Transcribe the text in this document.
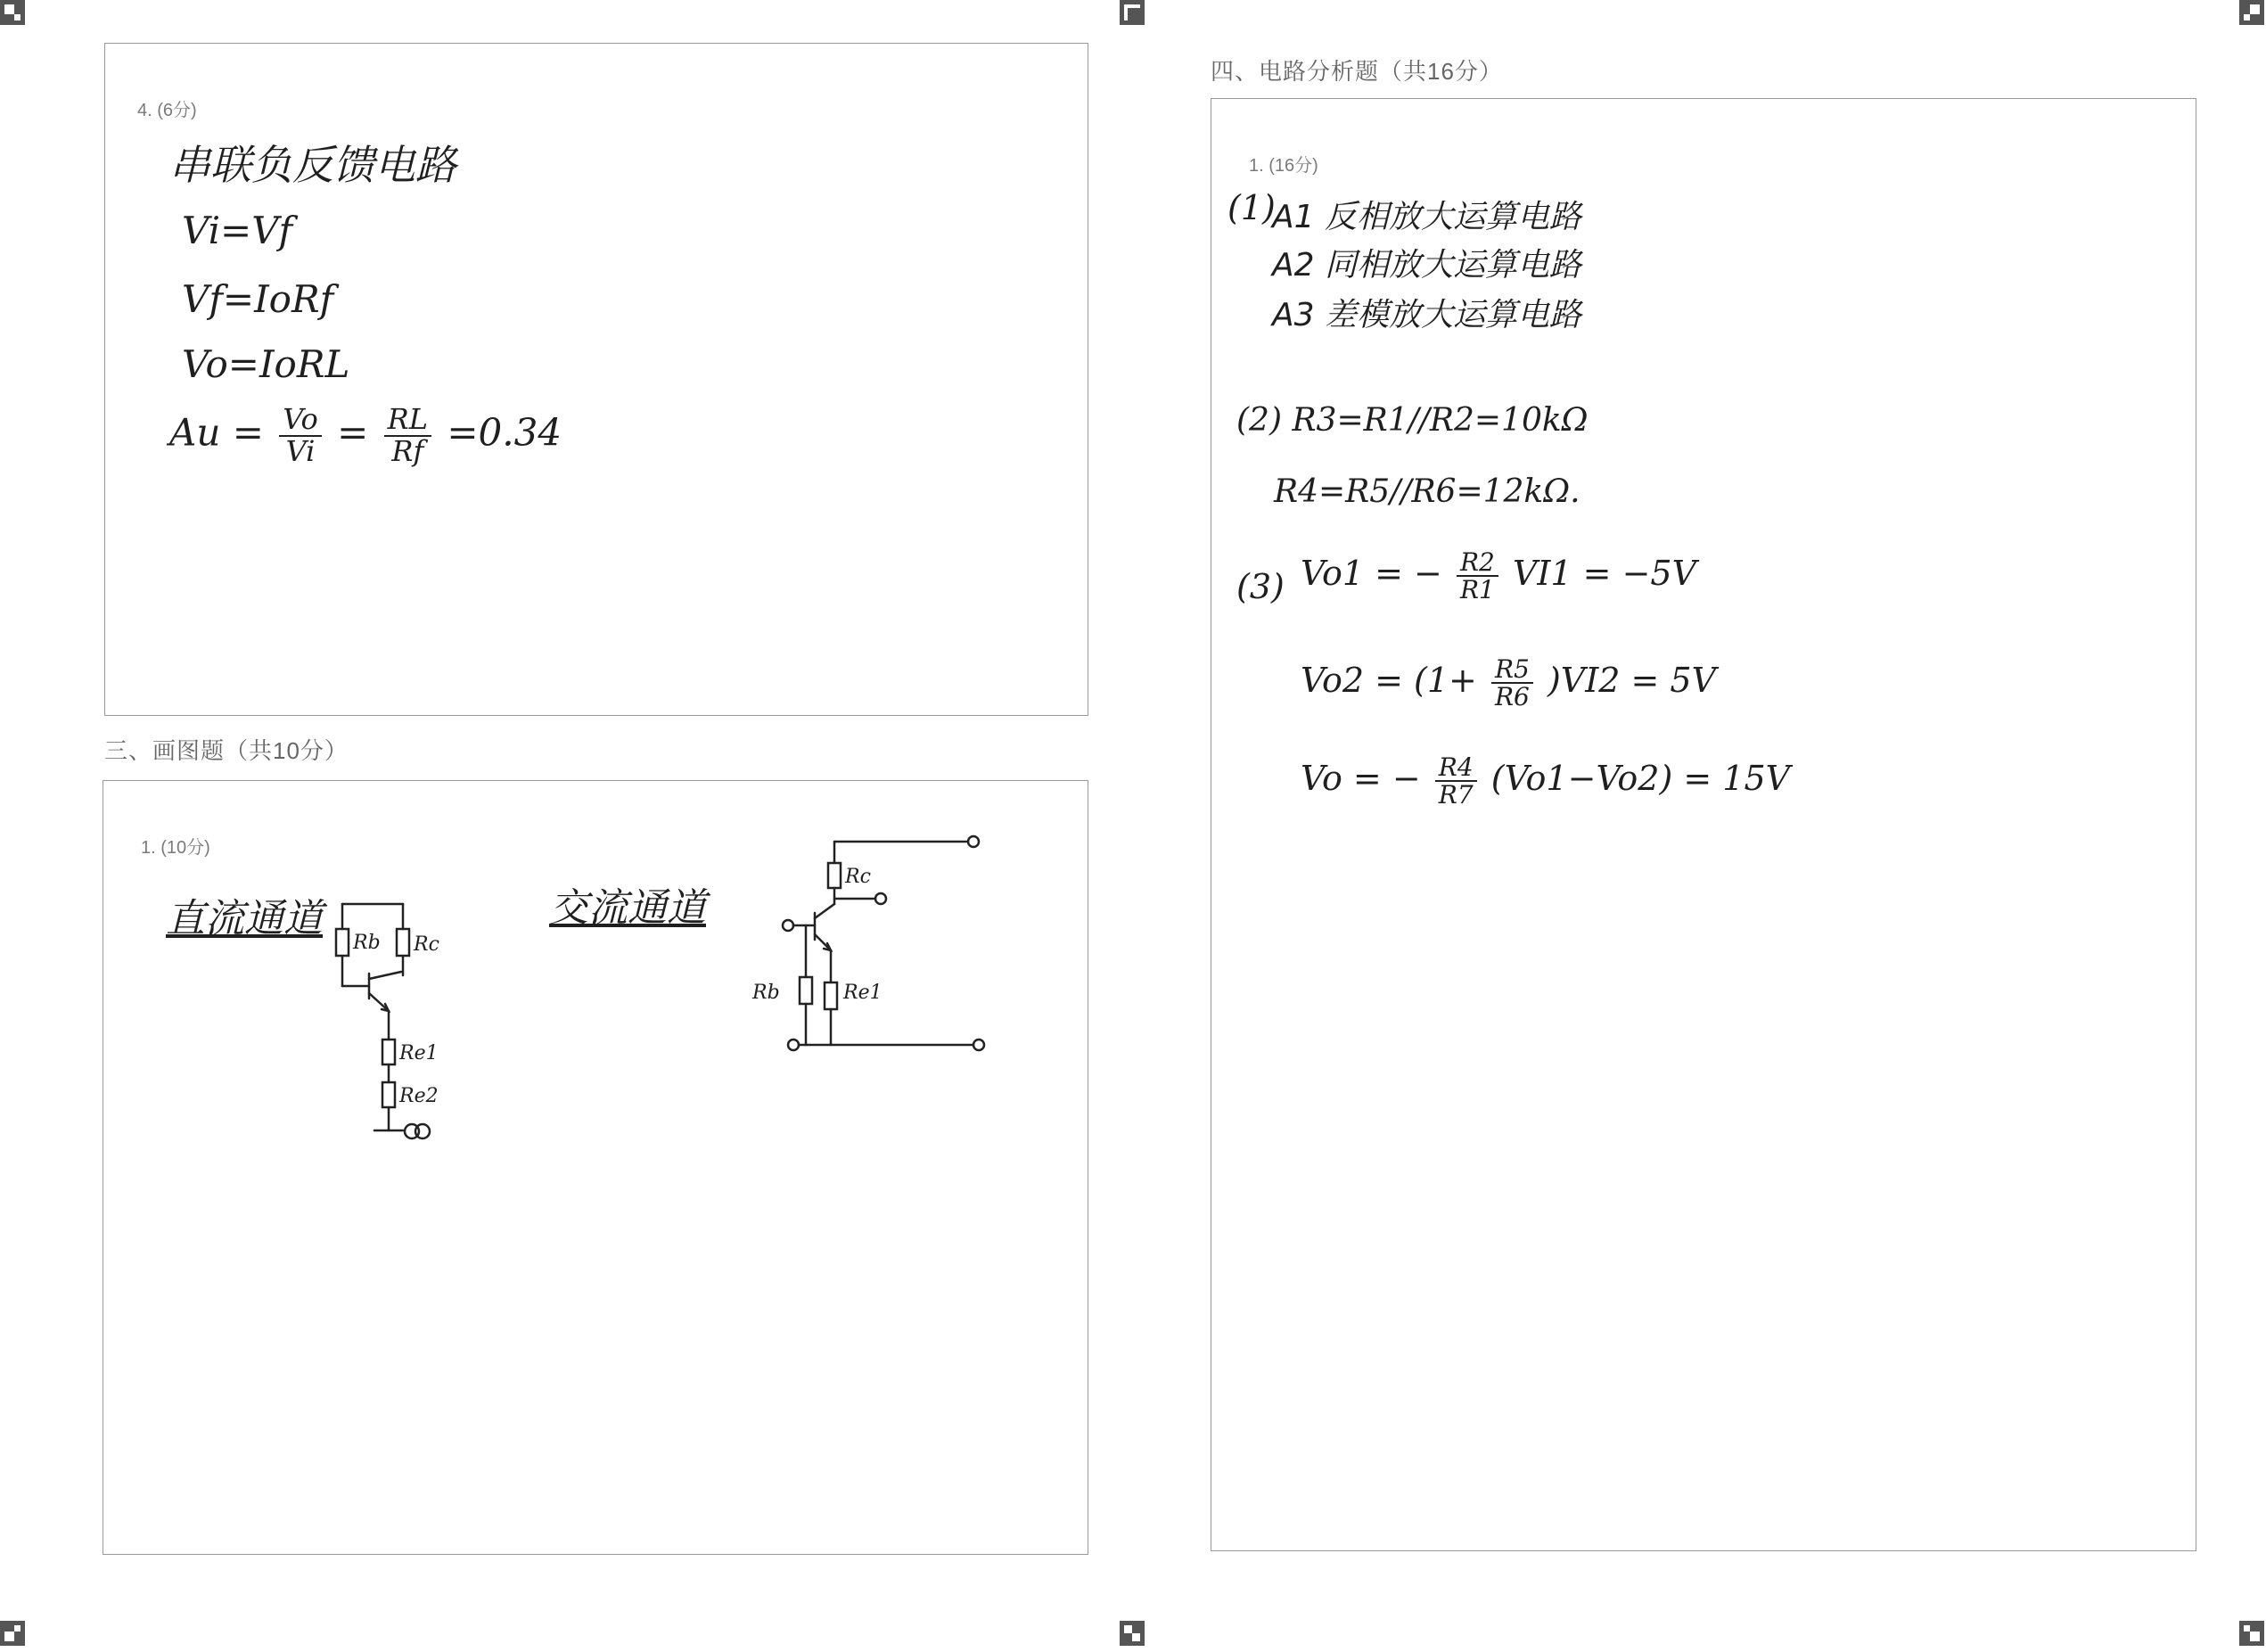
4. (6分)
串联负反馈电路
Vi=Vf
Vf=IoRf
Vo=IoRL
$Au = \frac{Vo}{Vi} = \frac{RL}{Rf} =0.34$
三、画图题（共10分）
1. (10分)
直流通道	交流通道
Rb Rc
Re1
Re2
Rc
Rb	Re1
四、电路分析题（共16分）
1. (16分)
(1)
A1 反相放大运算电路
A2 同相放大运算电路
A3 差模放大运算电路
(2) R3=R1//R2=10kΩ
R4=R5//R6=12kΩ.
(3) Vo1 = − $\frac{R2}{R1} VI1 = -5V$
$Vo2 = (1+ \frac{R5}{R6} )VI2 = 5V$
Vo = − $\frac{R4}{R7} (Vo1-Vo2) = 15V$
